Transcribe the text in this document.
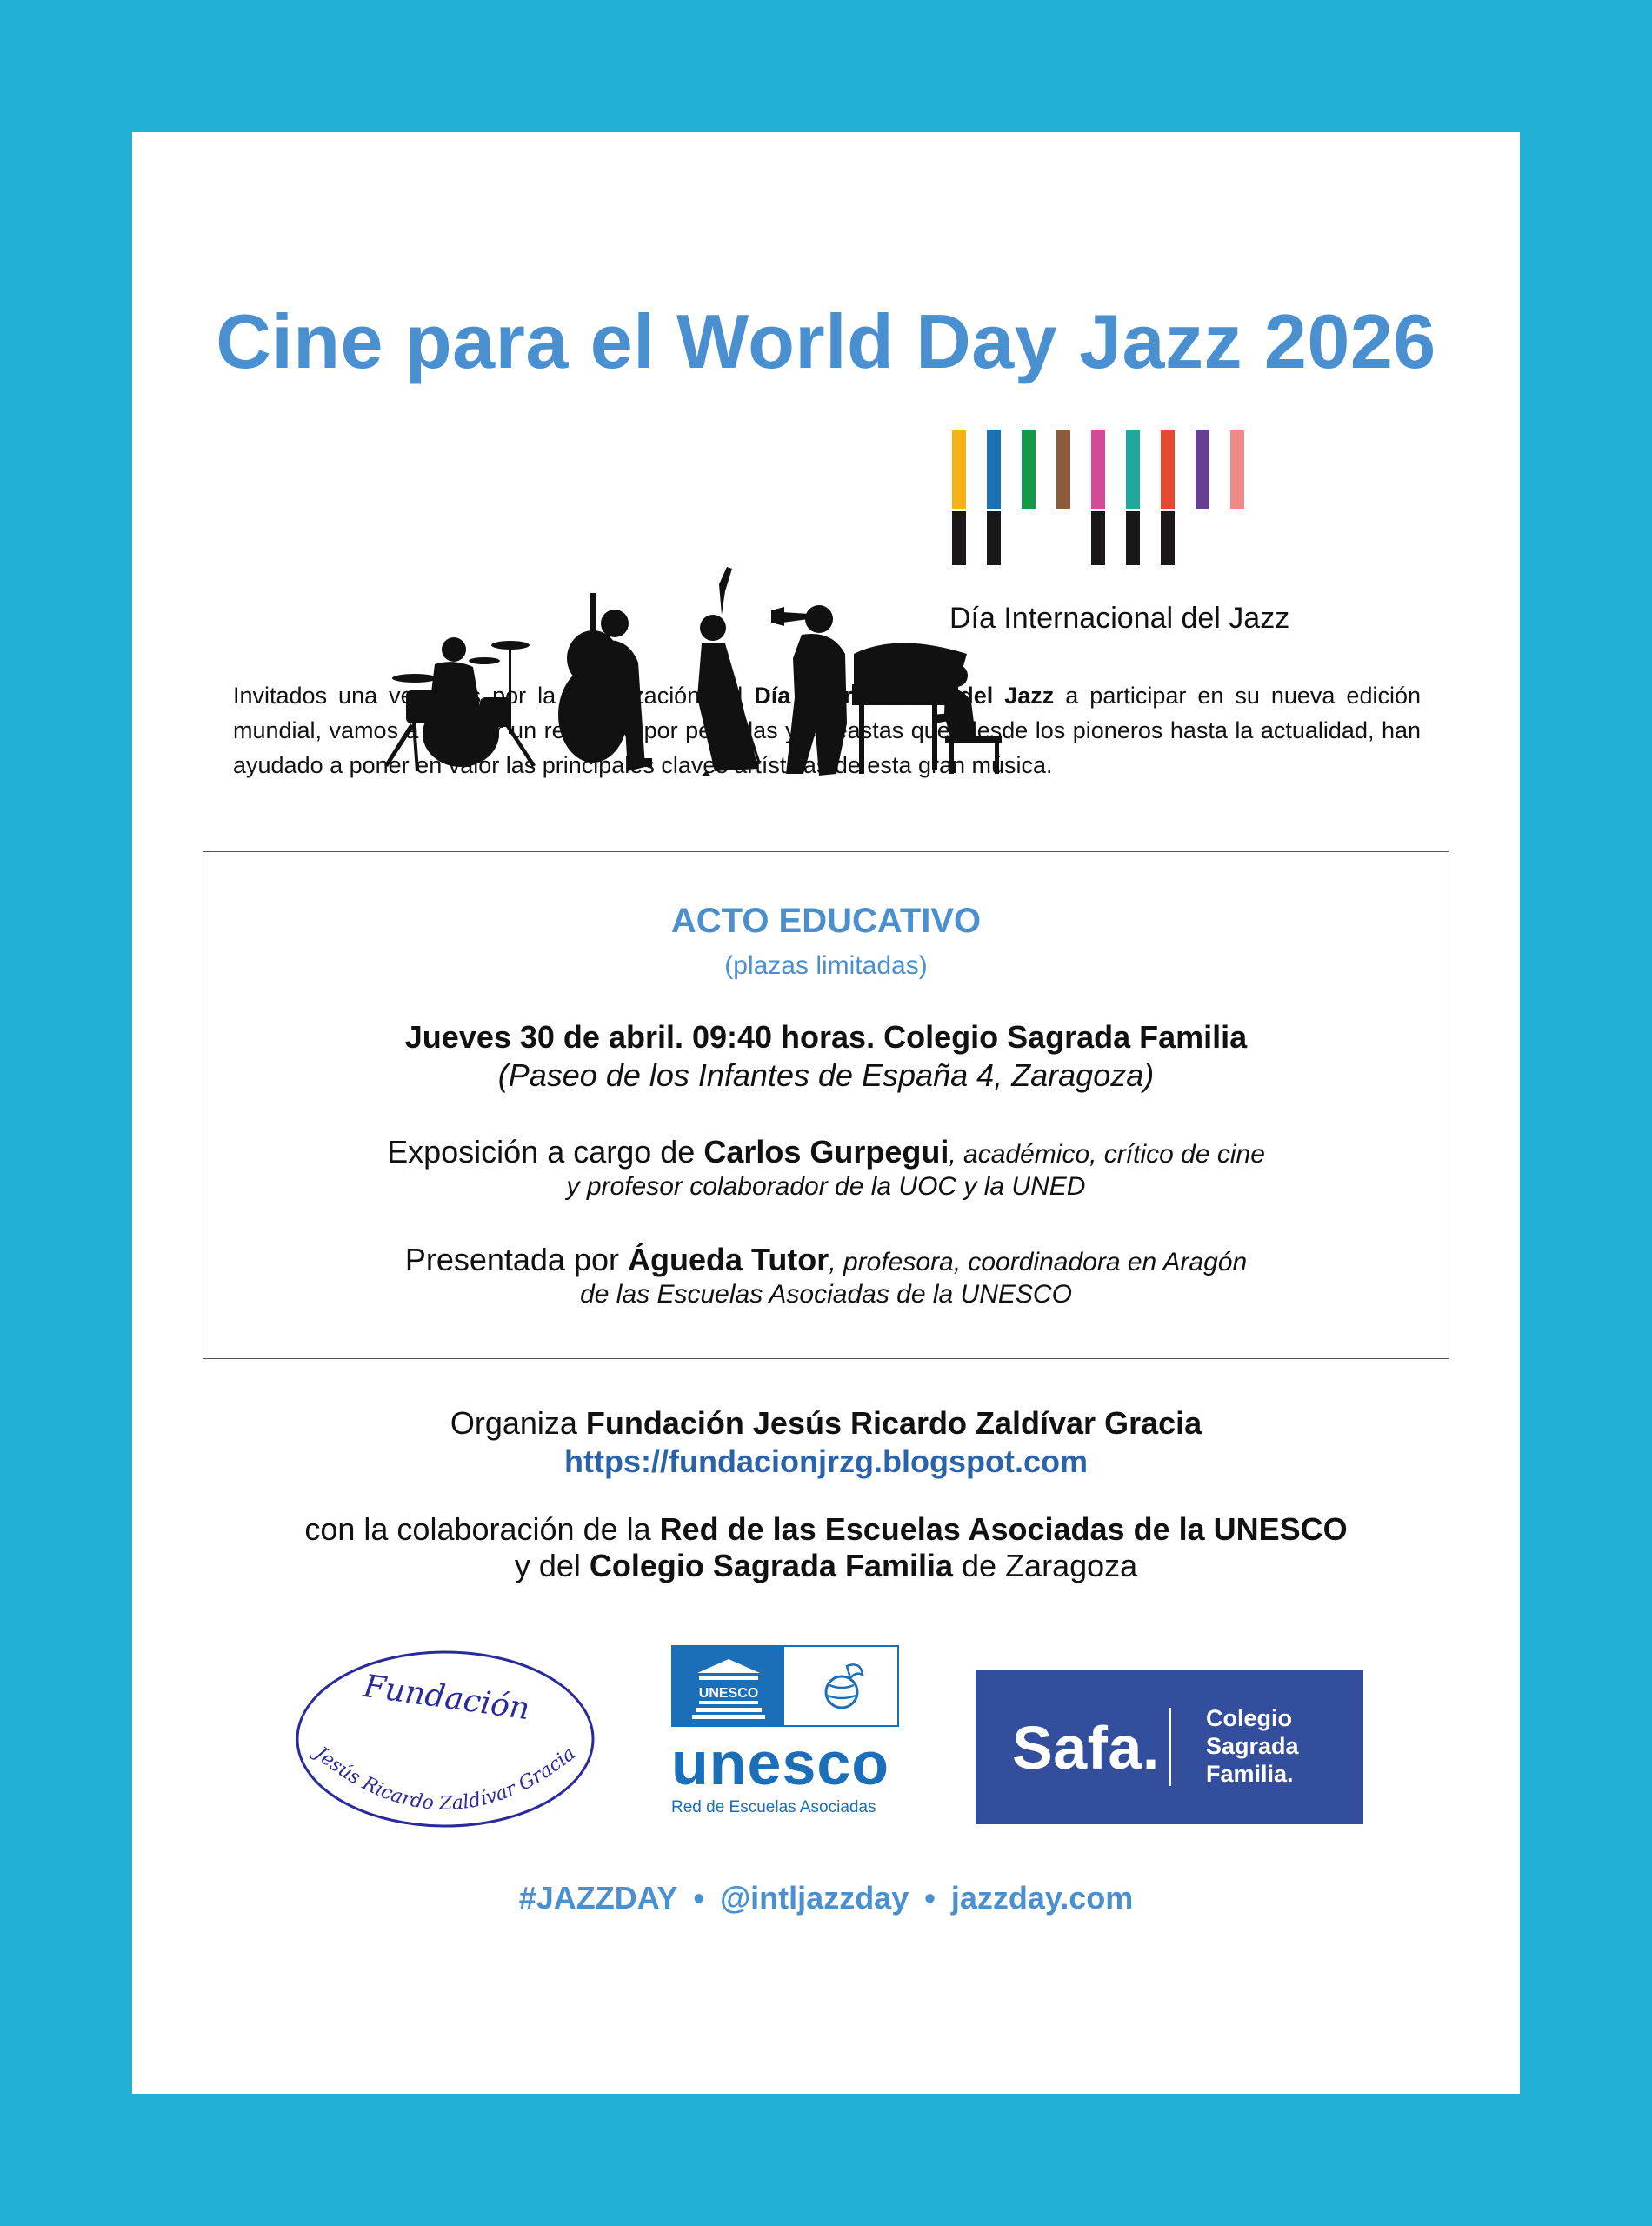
Cine para el World Day Jazz 2026
Día Internacional del Jazz
Invitados una vez más por la organización del Día Internacional del Jazz a participar en su nueva edición mundial, vamos a realizar un recorrido por películas y cineastas que, desde los pioneros hasta la actualidad, han ayudado a poner en valor las principales claves artísticas de esta gran música.
ACTO EDUCATIVO
(plazas limitadas)
Jueves 30 de abril. 09:40 horas. Colegio Sagrada Familia
(Paseo de los Infantes de España 4, Zaragoza)
Exposición a cargo de Carlos Gurpegui, académico, crítico de cine
y profesor colaborador de la UOC y la UNED
Presentada por Águeda Tutor, profesora, coordinadora en Aragón
de las Escuelas Asociadas de la UNESCO
Organiza Fundación Jesús Ricardo Zaldívar Gracia
https://fundacionjrzg.blogspot.com
con la colaboración de la Red de las Escuelas Asociadas de la UNESCO
y del Colegio Sagrada Familia de Zaragoza
Fundación
Jesús Ricardo Zaldívar Gracia
UNESCO
unesco
Red de Escuelas Asociadas
Safa. Colegio
Sagrada
Familia.
#JAZZDAY • @intljazzday • jazzday.com
